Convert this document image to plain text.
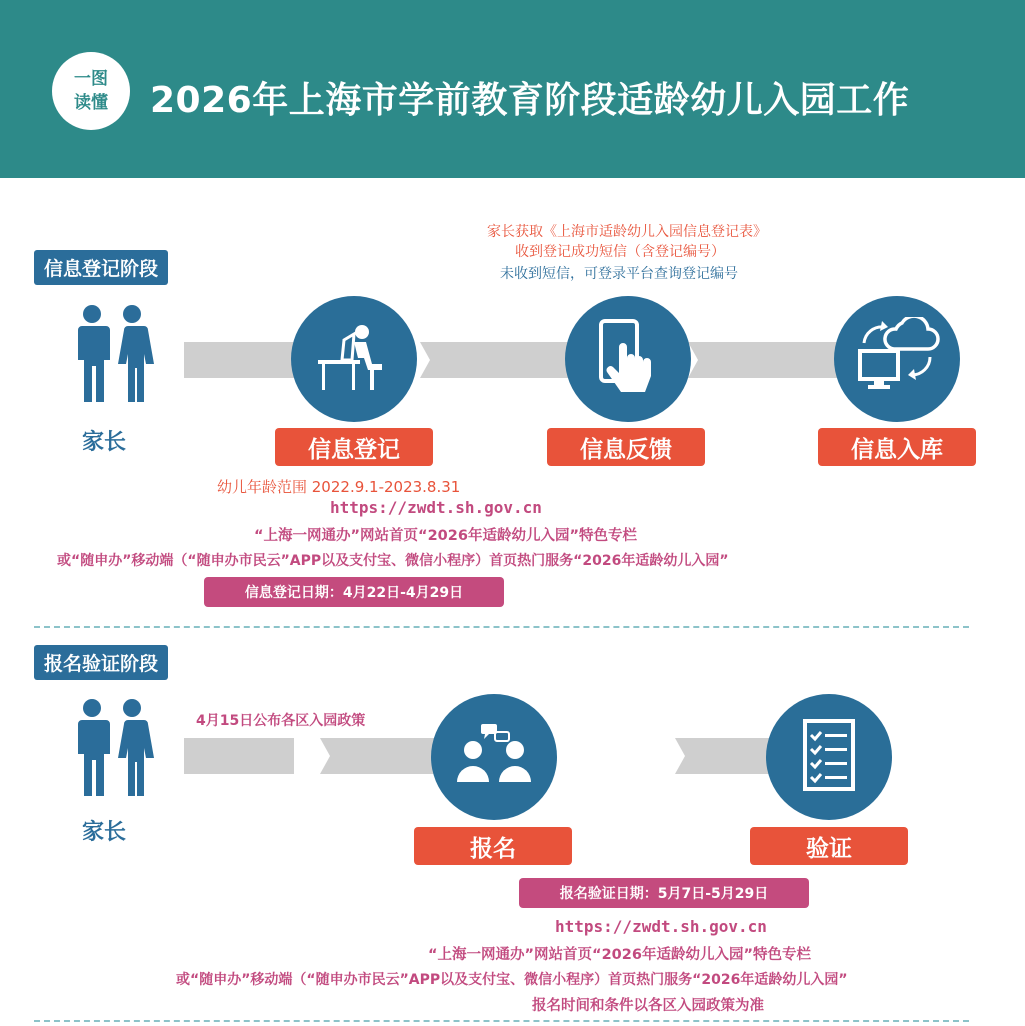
一图
读懂 2026年上海市学前教育阶段适龄幼儿入园工作
信息登记阶段
家长获取《上海市适龄幼儿入园信息登记表》
收到登记成功短信（含登记编号）
未收到短信，可登录平台查询登记编号
家长	信息登记	信息反馈	信息入库
幼儿年龄范围 2022.9.1-2023.8.31
https://zwdt.sh.gov.cn
“上海一网通办”网站首页“2026年适龄幼儿入园”特色专栏
或“随申办”移动端（“随申办市民云”APP以及支付宝、微信小程序）首页热门服务“2026年适龄幼儿入园”
信息登记日期：4月22日-4月29日
报名验证阶段
家长
4月15日公布各区入园政策
报名	验证
报名验证日期：5月7日-5月29日
https://zwdt.sh.gov.cn
“上海一网通办”网站首页“2026年适龄幼儿入园”特色专栏
或“随申办”移动端（“随申办市民云”APP以及支付宝、微信小程序）首页热门服务“2026年适龄幼儿入园”
报名时间和条件以各区入园政策为准
